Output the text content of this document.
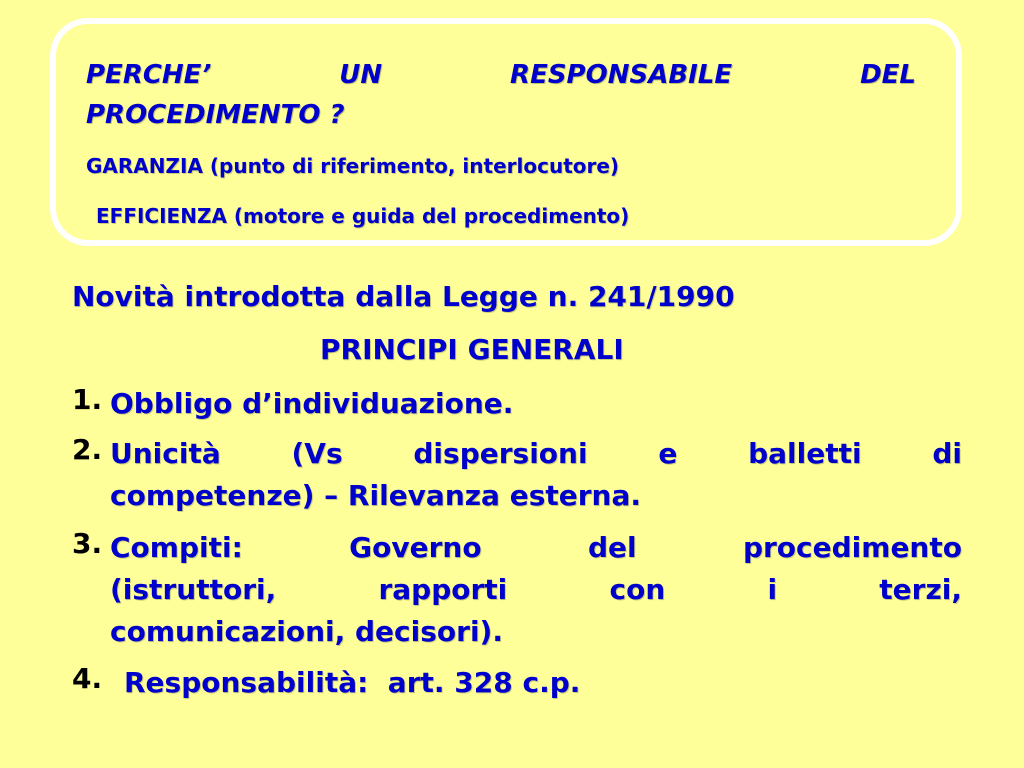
PERCHE’	UN	RESPONSABILE	DEL
PROCEDIMENTO ?
GARANZIA (punto di riferimento, interlocutore)
EFFICIENZA (motore e guida del procedimento)
Novità introdotta dalla Legge n. 241/1990
PRINCIPI GENERALI
1. Obbligo d’individuazione.
2. Unicità	(Vs	dispersioni	e	balletti	di
competenze) – Rilevanza esterna.
3. Compiti:	Governo	del	procedimento
(istruttori,	rapporti	con	i	terzi,
comunicazioni, decisori).
4. Responsabilità:  art. 328 c.p.
